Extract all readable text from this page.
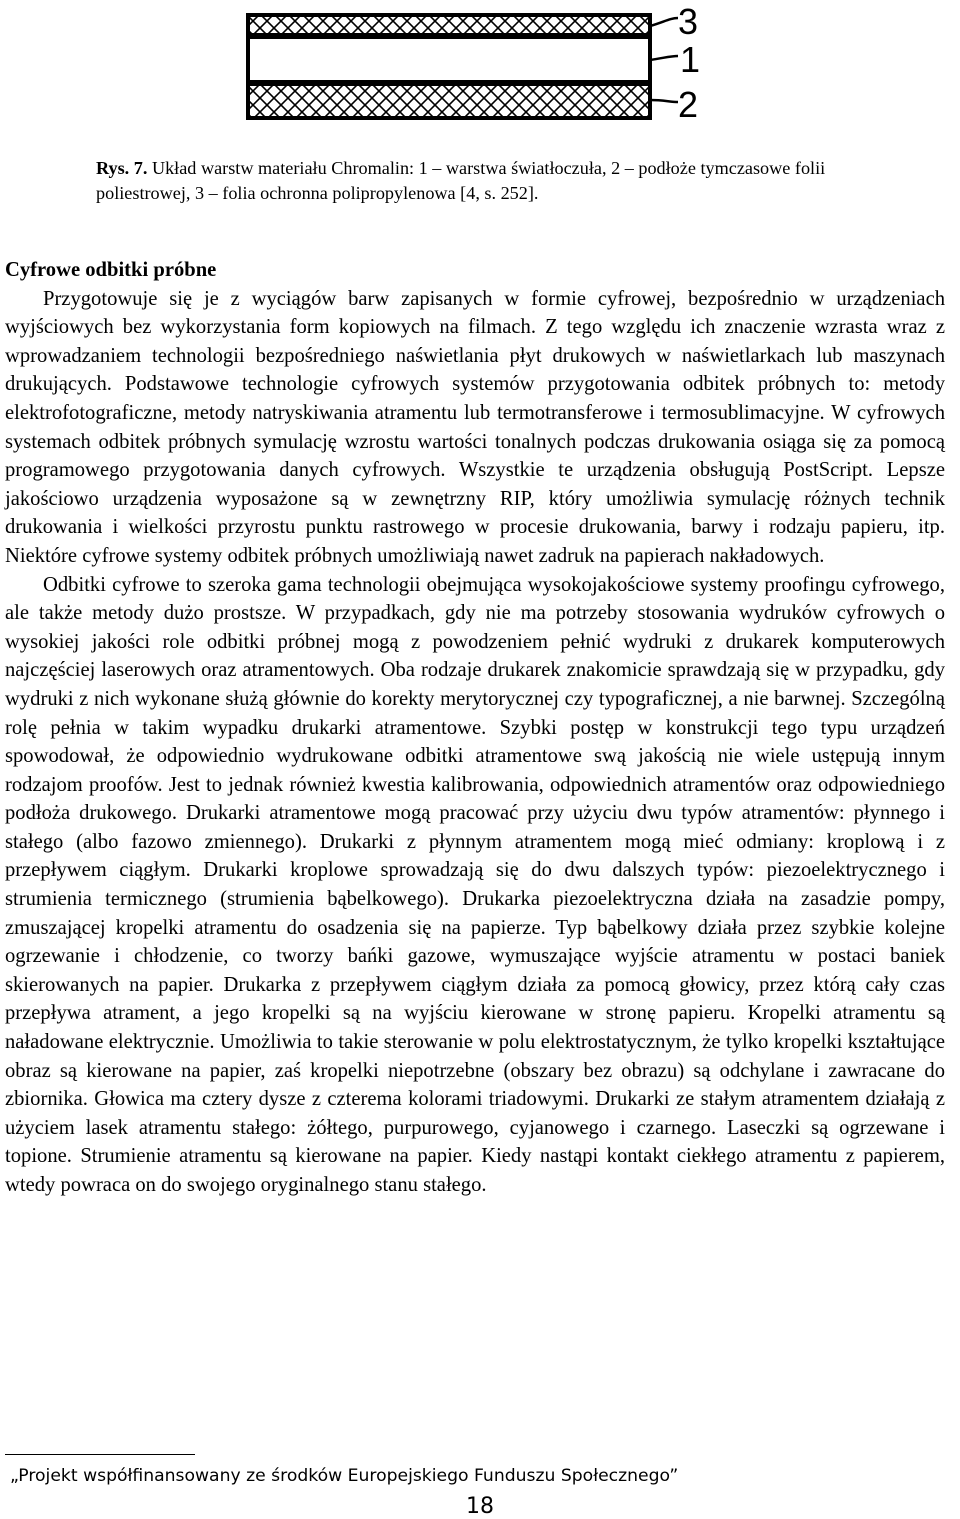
3
1
2
Rys. 7. Układ warstw materiału Chromalin: 1 – warstwa światłoczuła, 2 – podłoże tymczasowe folii poliestrowej, 3 – folia ochronna polipropylenowa [4, s. 252].

Cyfrowe odbitki próbne

Przygotowuje się je z wyciągów barw zapisanych w formie cyfrowej, bezpośrednio w urządzeniach wyjściowych bez wykorzystania form kopiowych na filmach. Z tego względu ich znaczenie wzrasta wraz z wprowadzaniem technologii bezpośredniego naświetlania płyt drukowych w naświetlarkach lub maszynach drukujących. Podstawowe technologie cyfrowych systemów przygotowania odbitek próbnych to: metody elektrofotograficzne, metody natryskiwania atramentu lub termotransferowe i termosublimacyjne. W cyfrowych systemach odbitek próbnych symulację wzrostu wartości tonalnych podczas drukowania osiąga się za pomocą programowego przygotowania danych cyfrowych. Wszystkie te urządzenia obsługują PostScript. Lepsze jakościowo urządzenia wyposażone są w zewnętrzny RIP, który umożliwia symulację różnych technik drukowania i wielkości przyrostu punktu rastrowego w procesie drukowania, barwy i rodzaju papieru, itp. Niektóre cyfrowe systemy odbitek próbnych umożliwiają nawet zadruk na papierach nakładowych.

Odbitki cyfrowe to szeroka gama technologii obejmująca wysokojakościowe systemy proofingu cyfrowego, ale także metody dużo prostsze. W przypadkach, gdy nie ma potrzeby stosowania wydruków cyfrowych o wysokiej jakości role odbitki próbnej mogą z powodzeniem pełnić wydruki z drukarek komputerowych najczęściej laserowych oraz atramentowych. Oba rodzaje drukarek znakomicie sprawdzają się w przypadku, gdy wydruki z nich wykonane służą głównie do korekty merytorycznej czy typograficznej, a nie barwnej. Szczególną rolę pełnia w takim wypadku drukarki atramentowe. Szybki postęp w konstrukcji tego typu urządzeń spowodował, że odpowiednio wydrukowane odbitki atramentowe swą jakością nie wiele ustępują innym rodzajom proofów. Jest to jednak również kwestia kalibrowania, odpowiednich atramentów oraz odpowiedniego podłoża drukowego. Drukarki atramentowe mogą pracować przy użyciu dwu typów atramentów: płynnego i stałego (albo fazowo zmiennego). Drukarki z płynnym atramentem mogą mieć odmiany: kroplową i z przepływem ciągłym. Drukarki kroplowe sprowadzają się do dwu dalszych typów: piezoelektrycznego i strumienia termicznego (strumienia bąbelkowego). Drukarka piezoelektryczna działa na zasadzie pompy, zmuszającej kropelki atramentu do osadzenia się na papierze. Typ bąbelkowy działa przez szybkie kolejne ogrzewanie i chłodzenie, co tworzy bańki gazowe, wymuszające wyjście atramentu w postaci baniek skierowanych na papier. Drukarka z przepływem ciągłym działa za pomocą głowicy, przez którą cały czas przepływa atrament, a jego kropelki są na wyjściu kierowane w stronę papieru. Kropelki atramentu są naładowane elektrycznie. Umożliwia to takie sterowanie w polu elektrostatycznym, że tylko kropelki kształtujące obraz są kierowane na papier, zaś kropelki niepotrzebne (obszary bez obrazu) są odchylane i zawracane do zbiornika. Głowica ma cztery dysze z czterema kolorami triadowymi. Drukarki ze stałym atramentem działają z użyciem lasek atramentu stałego: żółtego, purpurowego, cyjanowego i czarnego. Laseczki są ogrzewane i topione. Strumienie atramentu są kierowane na papier. Kiedy nastąpi kontakt ciekłego atramentu z papierem, wtedy powraca on do swojego oryginalnego stanu stałego.

„Projekt współfinansowany ze środków Europejskiego Funduszu Społecznego”
18
